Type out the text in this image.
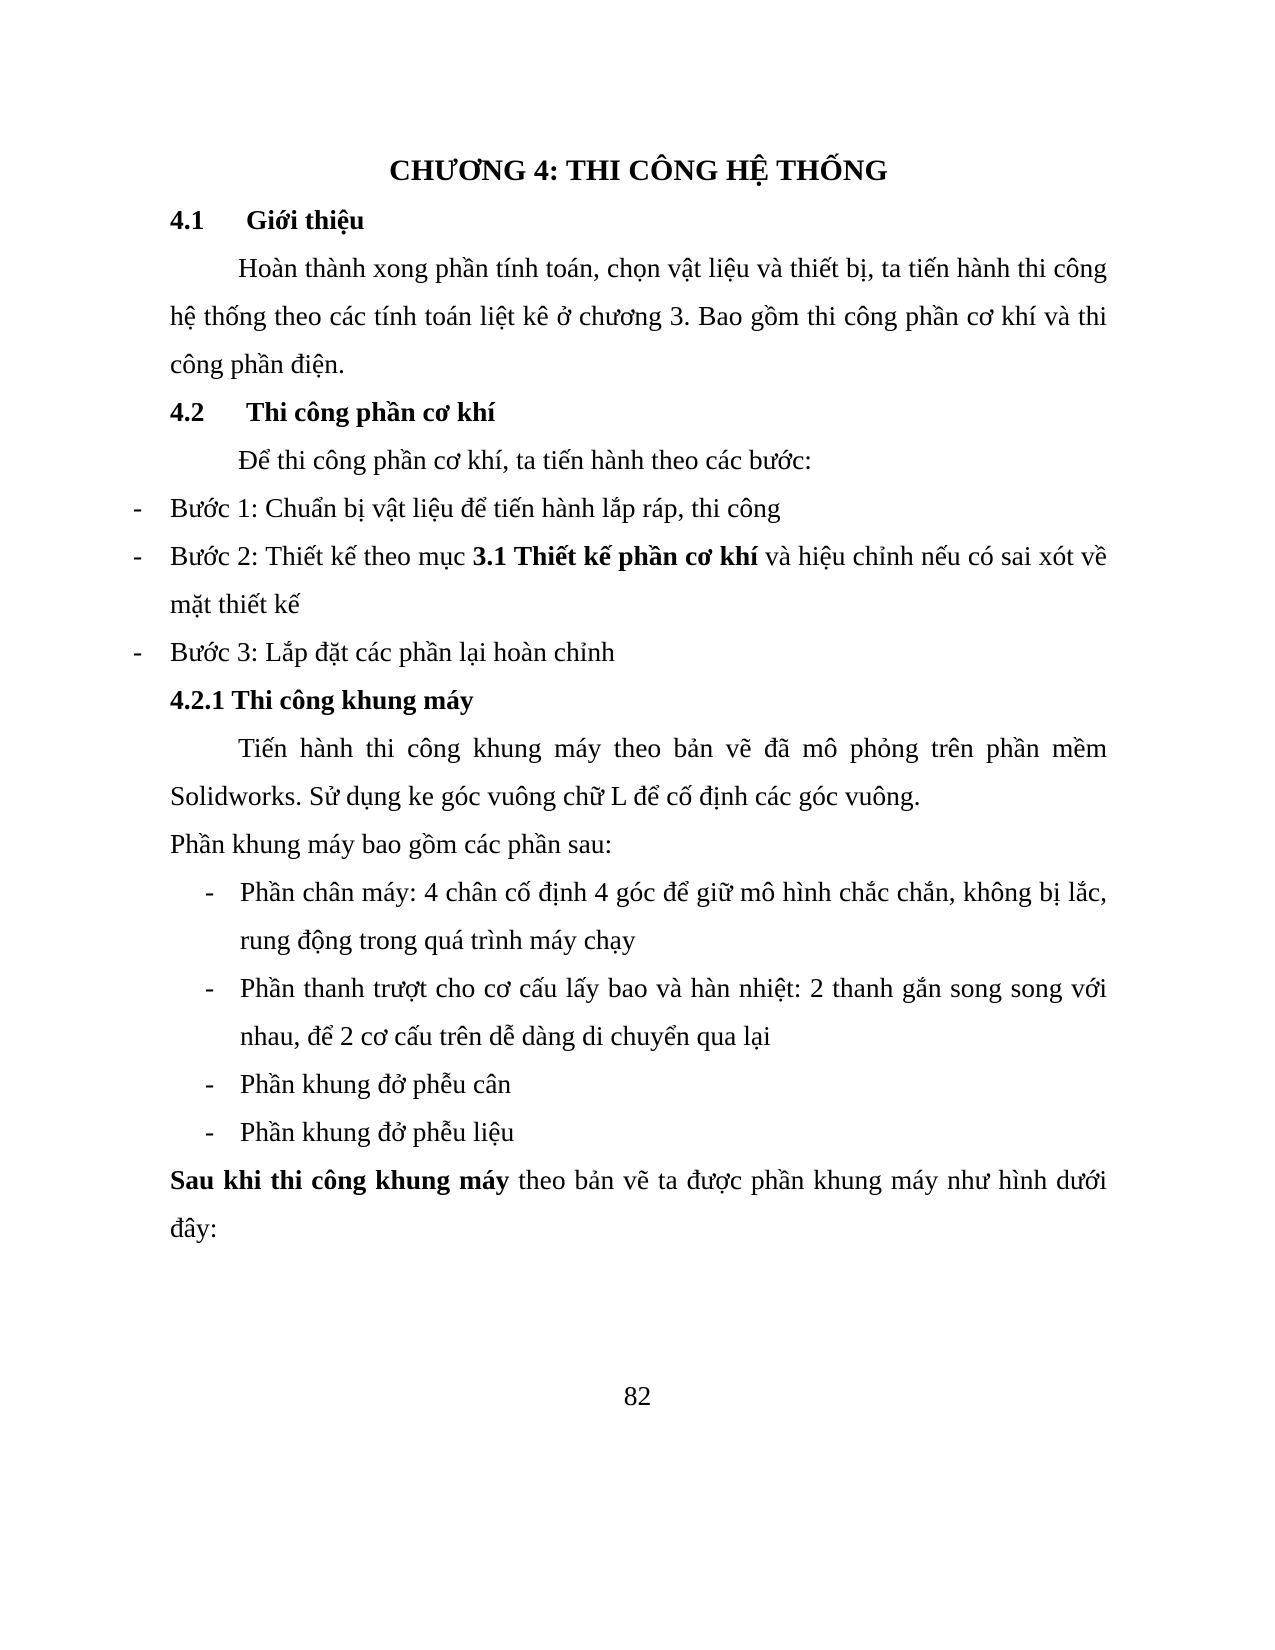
CHƯƠNG 4: THI CÔNG HỆ THỐNG
4.1 Giới thiệu

Hoàn thành xong phần tính toán, chọn vật liệu và thiết bị, ta tiến hành thi công hệ thống theo các tính toán liệt kê ở chương 3. Bao gồm thi công phần cơ khí và thi công phần điện.

4.2 Thi công phần cơ khí

Để thi công phần cơ khí, ta tiến hành theo các bước:

- Bước 1: Chuẩn bị vật liệu để tiến hành lắp ráp, thi công
- Bước 2: Thiết kế theo mục 3.1 Thiết kế phần cơ khí và hiệu chỉnh nếu có sai xót về mặt thiết kế
- Bước 3: Lắp đặt các phần lại hoàn chỉnh
4.2.1 Thi công khung máy

Tiến hành thi công khung máy theo bản vẽ đã mô phỏng trên phần mềm Solidworks. Sử dụng ke góc vuông chữ L để cố định các góc vuông.

Phần khung máy bao gồm các phần sau:

- Phần chân máy: 4 chân cố định 4 góc để giữ mô hình chắc chắn, không bị lắc, rung động trong quá trình máy chạy
- Phần thanh trượt cho cơ cấu lấy bao và hàn nhiệt: 2 thanh gắn song song với nhau, để 2 cơ cấu trên dễ dàng di chuyển qua lại
- Phần khung đở phễu cân
- Phần khung đở phễu liệu

Sau khi thi công khung máy theo bản vẽ ta được phần khung máy như hình dưới đây:

82
